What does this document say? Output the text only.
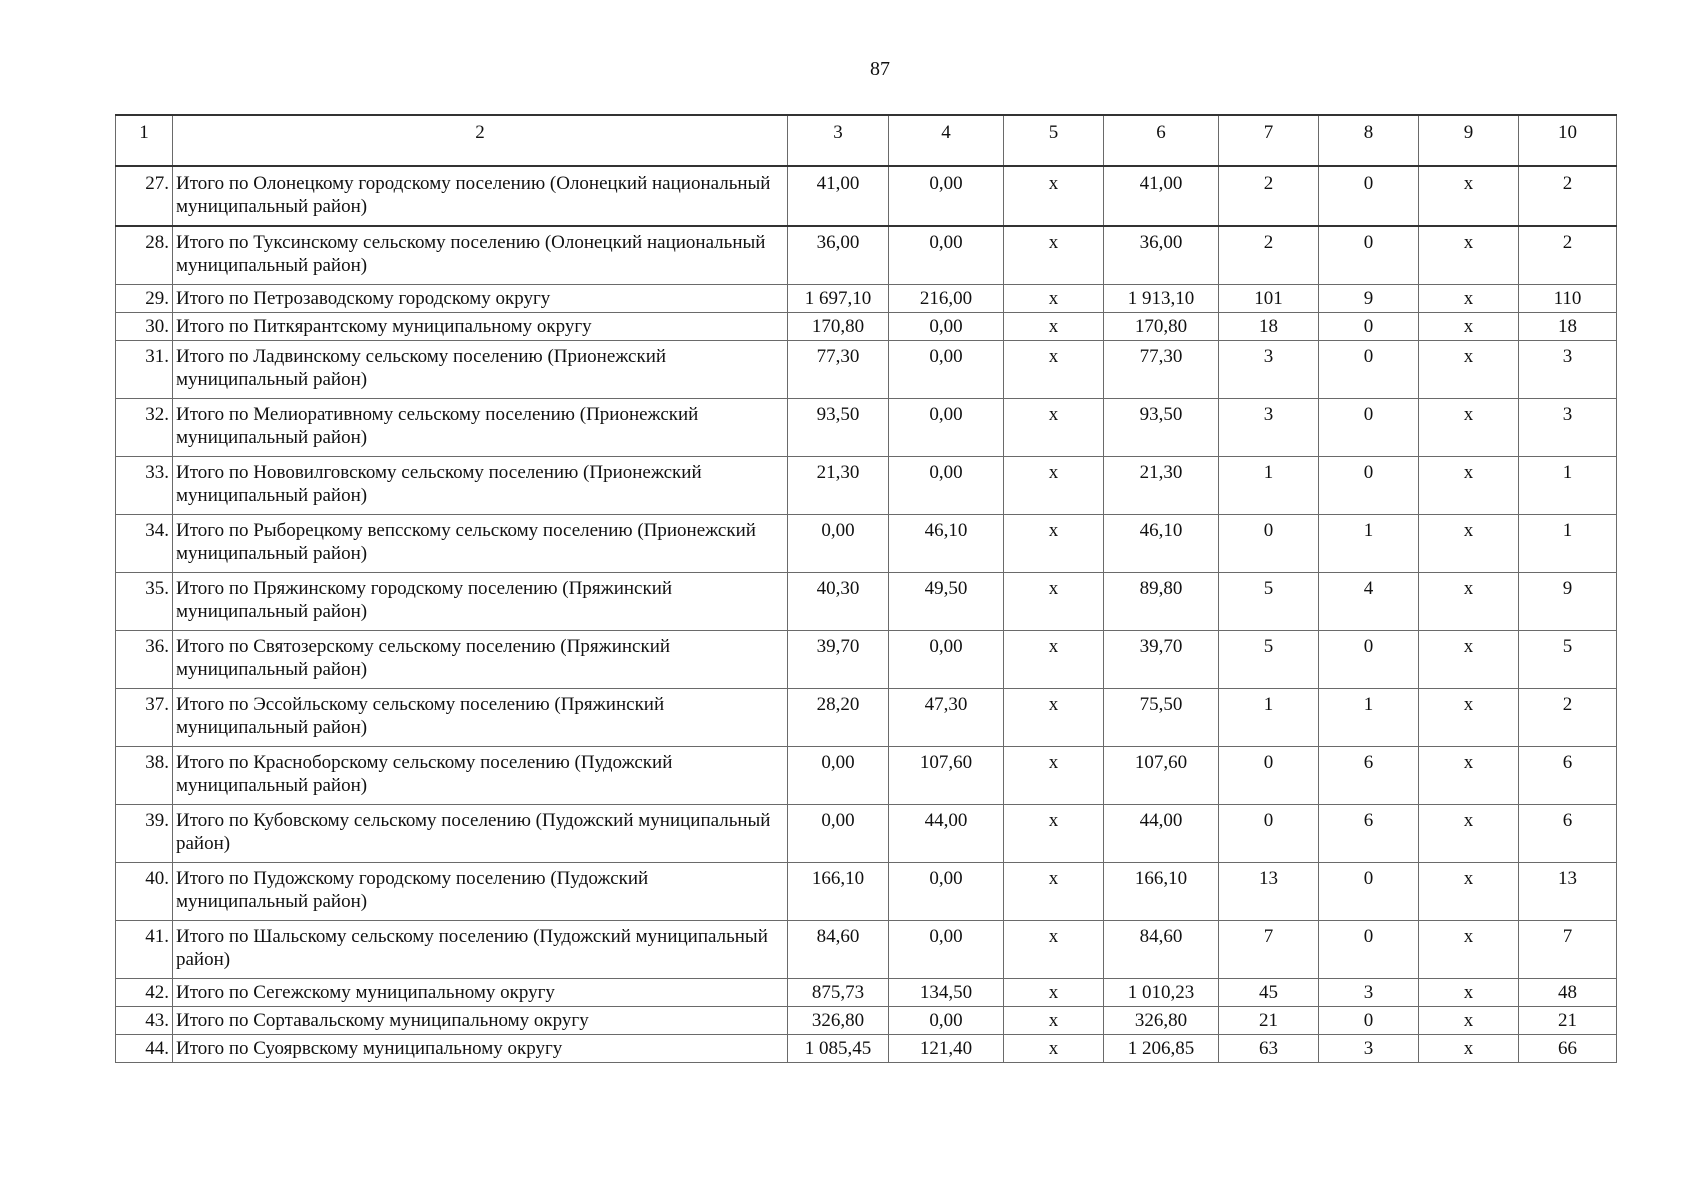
87
1	2	3	4	5	6	7	8	9	10
27.	Итого по Олонецкому городскому поселению (Олонецкий национальный муниципальный район)	41,00	0,00	x	41,00	2	0	x	2
28.	Итого по Туксинскому сельскому поселению (Олонецкий национальный муниципальный район)	36,00	0,00	x	36,00	2	0	x	2
29.	Итого по Петрозаводскому городскому округу	1 697,10	216,00	x	1 913,10	101	9	x	110
30.	Итого по Питкярантскому муниципальному округу	170,80	0,00	x	170,80	18	0	x	18
31.	Итого по Ладвинскому сельскому поселению (Прионежский муниципальный район)	77,30	0,00	x	77,30	3	0	x	3
32.	Итого по Мелиоративному сельскому поселению (Прионежский муниципальный район)	93,50	0,00	x	93,50	3	0	x	3
33.	Итого по Нововилговскому сельскому поселению (Прионежский муниципальный район)	21,30	0,00	x	21,30	1	0	x	1
34.	Итого по Рыборецкому вепсскому сельскому поселению (Прионежский муниципальный район)	0,00	46,10	x	46,10	0	1	x	1
35.	Итого по Пряжинскому городскому поселению (Пряжинский муниципальный район)	40,30	49,50	x	89,80	5	4	x	9
36.	Итого по Святозерскому сельскому поселению (Пряжинский муниципальный район)	39,70	0,00	x	39,70	5	0	x	5
37.	Итого по Эссойльскому сельскому поселению (Пряжинский муниципальный район)	28,20	47,30	x	75,50	1	1	x	2
38.	Итого по Красноборскому сельскому поселению (Пудожский муниципальный район)	0,00	107,60	x	107,60	0	6	x	6
39.	Итого по Кубовскому сельскому поселению (Пудожский муниципальный район)	0,00	44,00	x	44,00	0	6	x	6
40.	Итого по Пудожскому городскому поселению (Пудожский муниципальный район)	166,10	0,00	x	166,10	13	0	x	13
41.	Итого по Шальскому сельскому поселению (Пудожский муниципальный район)	84,60	0,00	x	84,60	7	0	x	7
42.	Итого по Сегежскому муниципальному округу	875,73	134,50	x	1 010,23	45	3	x	48
43.	Итого по Сортавальскому муниципальному округу	326,80	0,00	x	326,80	21	0	x	21
44.	Итого по Суоярвскому муниципальному округу	1 085,45	121,40	x	1 206,85	63	3	x	66
